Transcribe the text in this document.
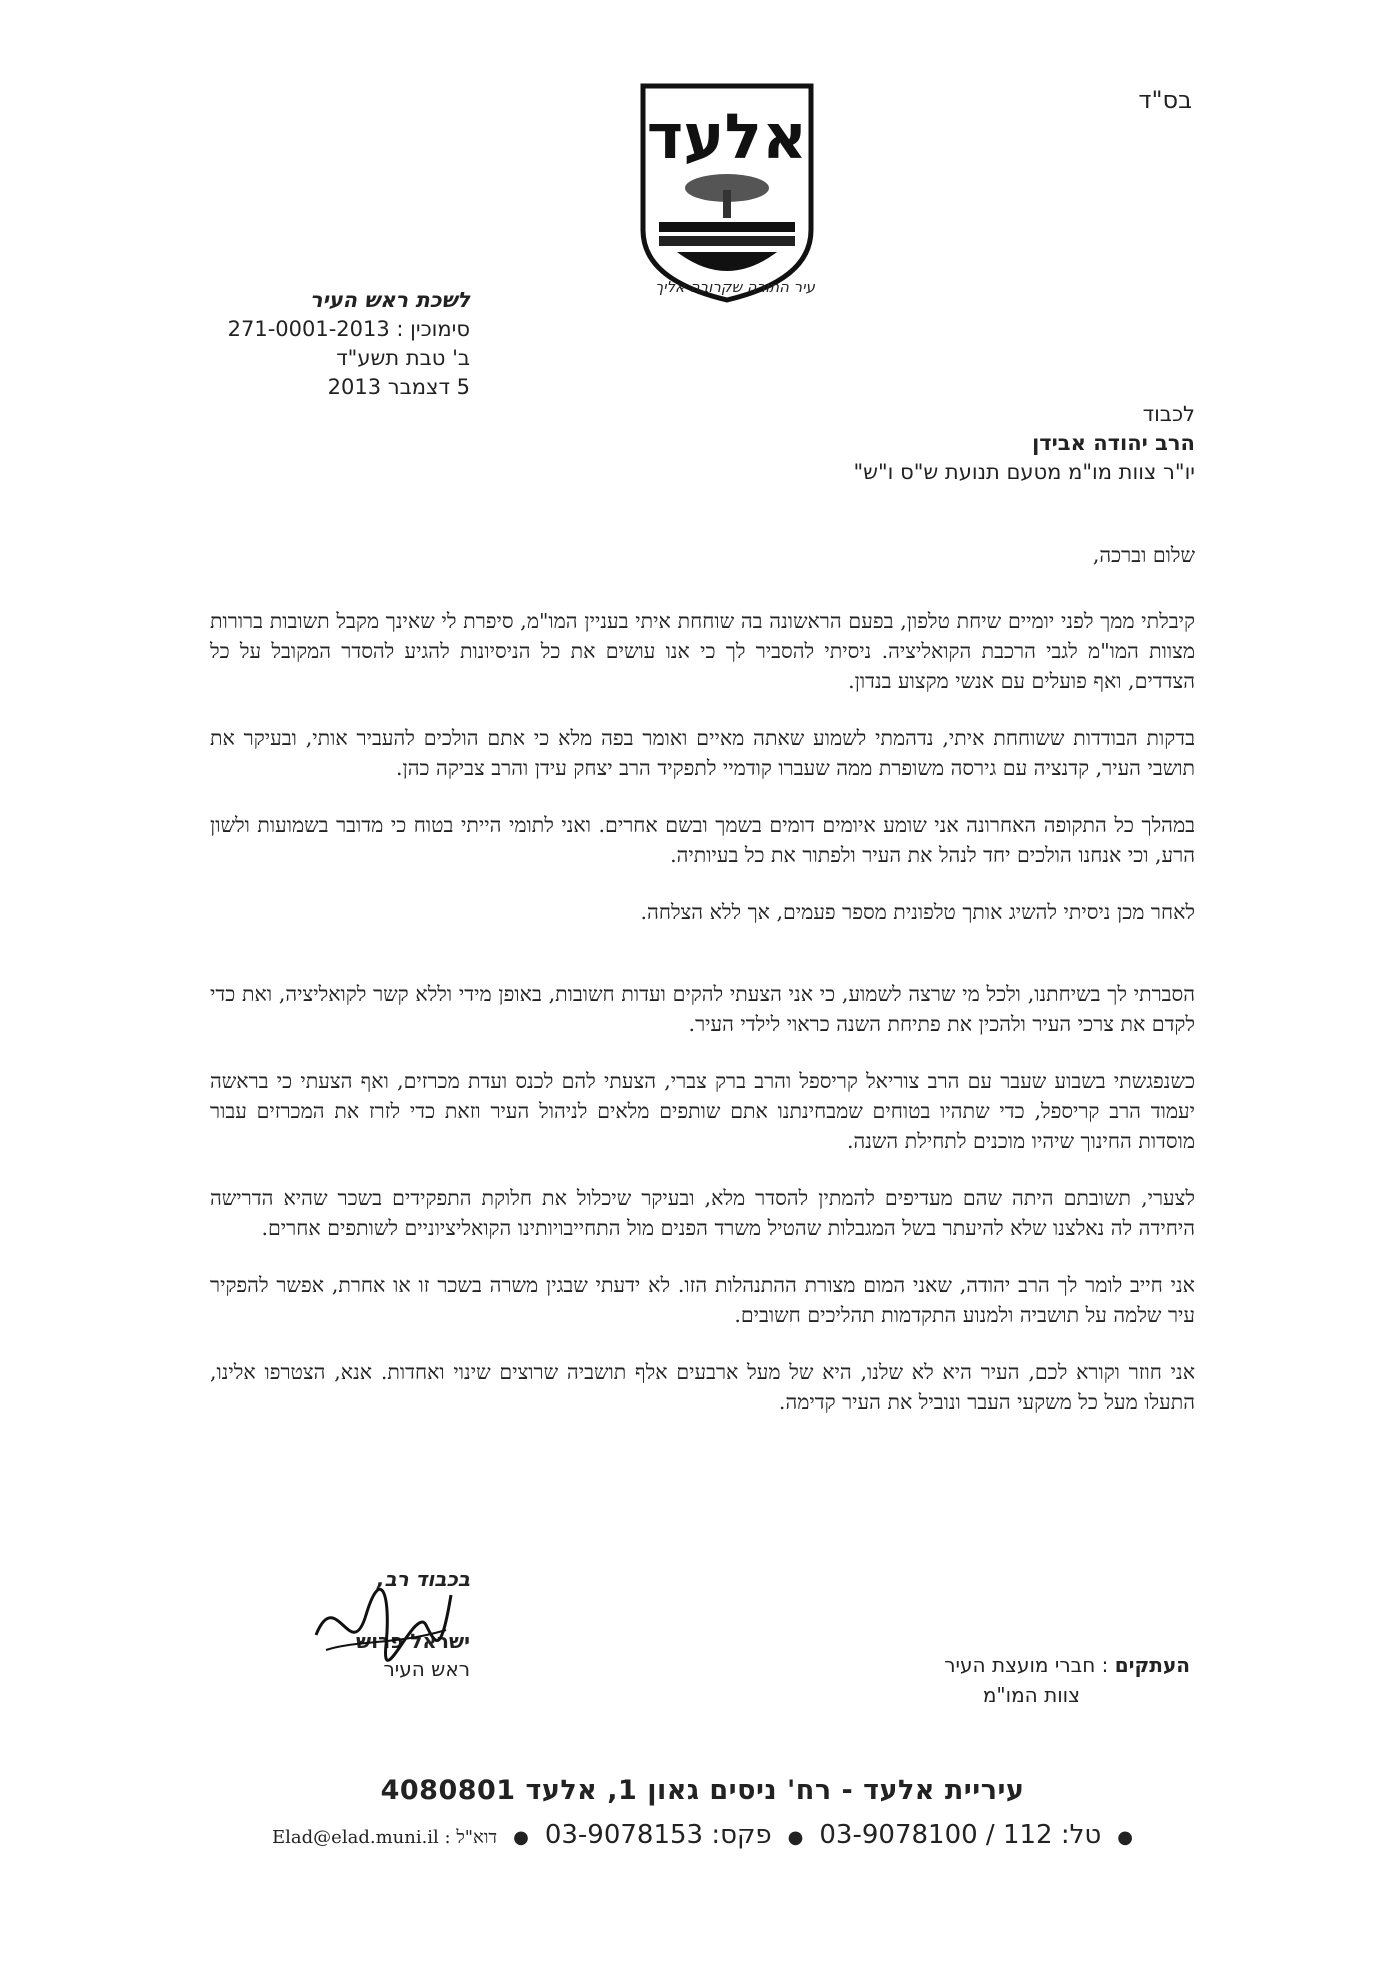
בס"ד
אלעד
עיר התורה שקרובה אליך
לשכת ראש העיר
סימוכין : 271-0001-2013
ב' טבת תשע"ד
5 דצמבר 2013
לכבוד
הרב יהודה אבידן
יו"ר צוות מו"מ מטעם תנועת ש"ס ו"ש"

שלום וברכה,

קיבלתי ממך לפני יומיים שיחת טלפון, בפעם הראשונה בה שוחחת איתי בעניין המו"מ, סיפרת לי שאינך מקבל תשובות ברורות מצוות המו"מ לגבי הרכבת הקואליציה. ניסיתי להסביר לך כי אנו עושים את כל הניסיונות להגיע להסדר המקובל על כל הצדדים, ואף פועלים עם אנשי מקצוע בנדון.

בדקות הבודדות ששוחחת איתי, נדהמתי לשמוע שאתה מאיים ואומר בפה מלא כי אתם הולכים להעביר אותי, ובעיקר את תושבי העיר, קדנציה עם גירסה משופרת ממה שעברו קודמיי לתפקיד הרב יצחק עידן והרב צביקה כהן.

במהלך כל התקופה האחרונה אני שומע איומים דומים בשמך ובשם אחרים. ואני לתומי הייתי בטוח כי מדובר בשמועות ולשון הרע, וכי אנחנו הולכים יחד לנהל את העיר ולפתור את כל בעיותיה.

לאחר מכן ניסיתי להשיג אותך טלפונית מספר פעמים, אך ללא הצלחה.

הסברתי לך בשיחתנו, ולכל מי שרצה לשמוע, כי אני הצעתי להקים ועדות חשובות, באופן מידי וללא קשר לקואליציה, ואת כדי לקדם את צרכי העיר ולהכין את פתיחת השנה כראוי לילדי העיר.

כשנפגשתי בשבוע שעבר עם הרב צוריאל קריספל והרב ברק צברי, הצעתי להם לכנס ועדת מכרזים, ואף הצעתי כי בראשה יעמוד הרב קריספל, כדי שתהיו בטוחים שמבחינתנו אתם שותפים מלאים לניהול העיר וזאת כדי לזרז את המכרזים עבור מוסדות החינוך שיהיו מוכנים לתחילת השנה.

לצערי, תשובתם היתה שהם מעדיפים להמתין להסדר מלא, ובעיקר שיכלול את חלוקת התפקידים בשכר שהיא הדרישה היחידה לה נאלצנו שלא להיעתר בשל המגבלות שהטיל משרד הפנים מול התחייבויותינו הקואליציוניים לשותפים אחרים.

אני חייב לומר לך הרב יהודה, שאני המום מצורת ההתנהלות הזו. לא ידעתי שבגין משרה בשכר זו או אחרת, אפשר להפקיר עיר שלמה על תושביה ולמנוע התקדמות תהליכים חשובים.

אני חוזר וקורא לכם, העיר היא לא שלנו, היא של מעל ארבעים אלף תושביה שרוצים שינוי ואחדות. אנא, הצטרפו אלינו, התעלו מעל כל משקעי העבר ונוביל את העיר קדימה.

בכבוד רב,
ישראל פרוש
ראש העיר	העתקים : חברי מועצת העיר
צוות המו"מ
עיריית אלעד - רח' ניסים גאון 1, אלעד 4080801
●
טל: 112 / 03-9078100
●
פקס: 03-9078153
●
דוא"ל : Elad@elad.muni.il
